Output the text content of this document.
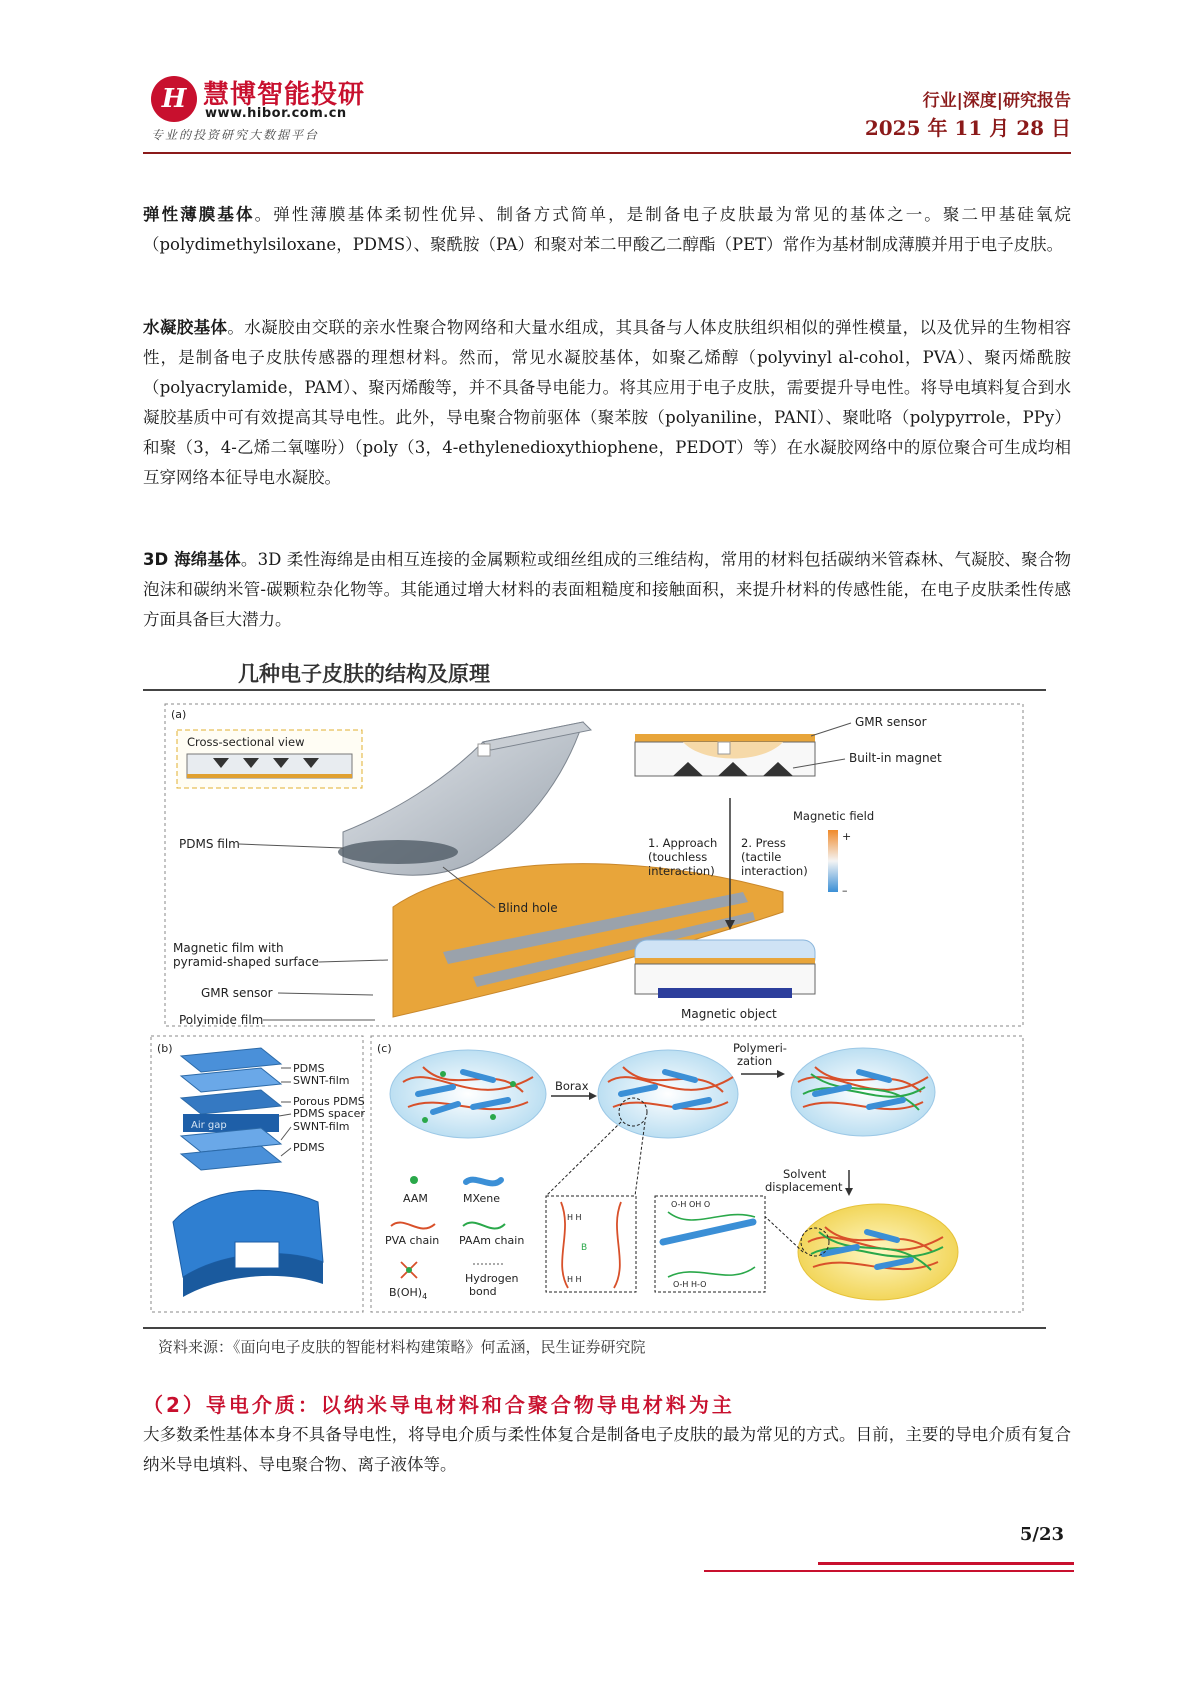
H 慧博智能投研
www.hibor.com.cn
专业的投资研究大数据平台
行业|深度|研究报告
2025 年 11 月 28 日

弹性薄膜基体。弹性薄膜基体柔韧性优异、制备方式简单，是制备电子皮肤最为常见的基体之一。聚二甲基硅氧烷（polydimethylsiloxane，PDMS）、聚酰胺（PA）和聚对苯二甲酸乙二醇酯（PET）常作为基材制成薄膜并用于电子皮肤。

水凝胶基体。水凝胶由交联的亲水性聚合物网络和大量水组成，其具备与人体皮肤组织相似的弹性模量，以及优异的生物相容性，是制备电子皮肤传感器的理想材料。然而，常见水凝胶基体，如聚乙烯醇（polyvinyl al-cohol，PVA）、聚丙烯酰胺（polyacrylamide，PAM）、聚丙烯酸等，并不具备导电能力。将其应用于电子皮肤，需要提升导电性。将导电填料复合到水凝胶基质中可有效提高其导电性。此外，导电聚合物前驱体（聚苯胺（polyaniline，PANI）、聚吡咯（polypyrrole，PPy）和聚（3，4-乙烯二氧噻吩）（poly（3，4-ethylenedioxythiophene，PEDOT）等）在水凝胶网络中的原位聚合可生成均相互穿网络本征导电水凝胶。

3D 海绵基体。3D 柔性海绵是由相互连接的金属颗粒或细丝组成的三维结构，常用的材料包括碳纳米管森林、气凝胶、聚合物泡沫和碳纳米管-碳颗粒杂化物等。其能通过增大材料的表面粗糙度和接触面积，来提升材料的传感性能，在电子皮肤柔性传感方面具备巨大潜力。

几种电子皮肤的结构及原理
(a)
Cross-sectional view
PDMS film
Blind hole
Magnetic film with
pyramid-shaped surface
GMR sensor
Polyimide film
GMR sensor
Built-in magnet
1. Approach
(touchless
interaction)
2. Press
(tactile
interaction)
Magnetic field
+
–
Magnetic object
(b)
Air gap
PDMS
SWNT-film
Porous PDMS
PDMS spacer
SWNT-film
PDMS
(c)
Borax
Polymeri-
zation
Solvent
displacement
B
H H
H H
O-H OH O
O-H H-O
AAM	MXene
PVA chain PAAm chain
$B(OH)_4$
Hydrogen
bond
资料来源：《面向电子皮肤的智能材料构建策略》何孟涵，民生证券研究院
（2）导电介质：以纳米导电材料和合聚合物导电材料为主

大多数柔性基体本身不具备导电性，将导电介质与柔性体复合是制备电子皮肤的最为常见的方式。目前，主要的导电介质有复合纳米导电填料、导电聚合物、离子液体等。

5/23
